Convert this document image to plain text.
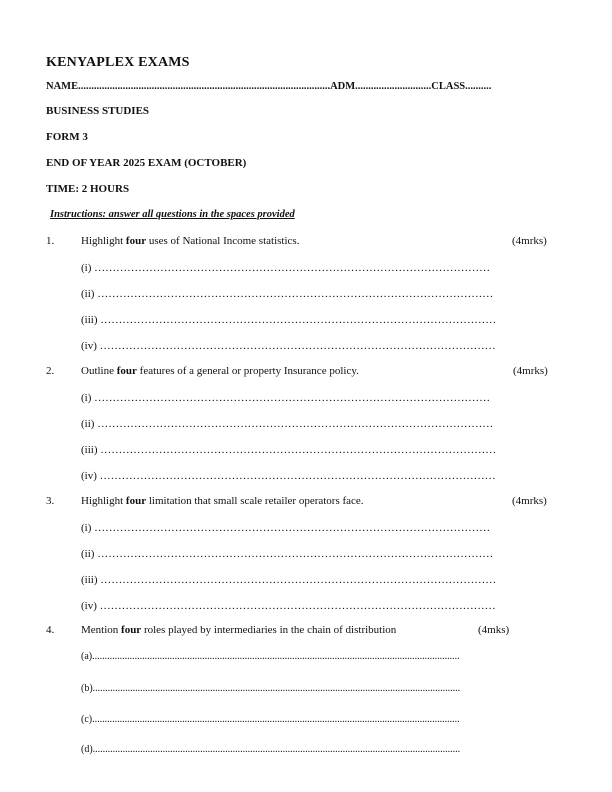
KENYAPLEX EXAMS
NAME................................................................................................ADM.............................CLASS..........
BUSINESS STUDIES
FORM 3
END OF YEAR 2025 EXAM (OCTOBER)
TIME: 2 HOURS
Instructions: answer all questions in the spaces provided
1. Highlight four uses of National Income statistics.	(4mrks)
(i) ………………………………………………………………………………………………
(ii) ………………………………………………………………………………………………
(iii) ………………………………………………………………………………………………
(iv) ………………………………………………………………………………………………
2. Outline four features of a general or property Insurance policy.	(4mrks)
(i) ………………………………………………………………………………………………
(ii) ………………………………………………………………………………………………
(iii) ………………………………………………………………………………………………
(iv) ………………………………………………………………………………………………
3. Highlight four limitation that small scale retailer operators face.	(4mrks)
(i) ………………………………………………………………………………………………
(ii) ………………………………………………………………………………………………
(iii) ………………………………………………………………………………………………
(iv) ………………………………………………………………………………………………
4. Mention four roles played by intermediaries in the chain of distribution	(4mks)
(a)...................................................................................................................................................
(b)...................................................................................................................................................
(c)...................................................................................................................................................
(d)...................................................................................................................................................
